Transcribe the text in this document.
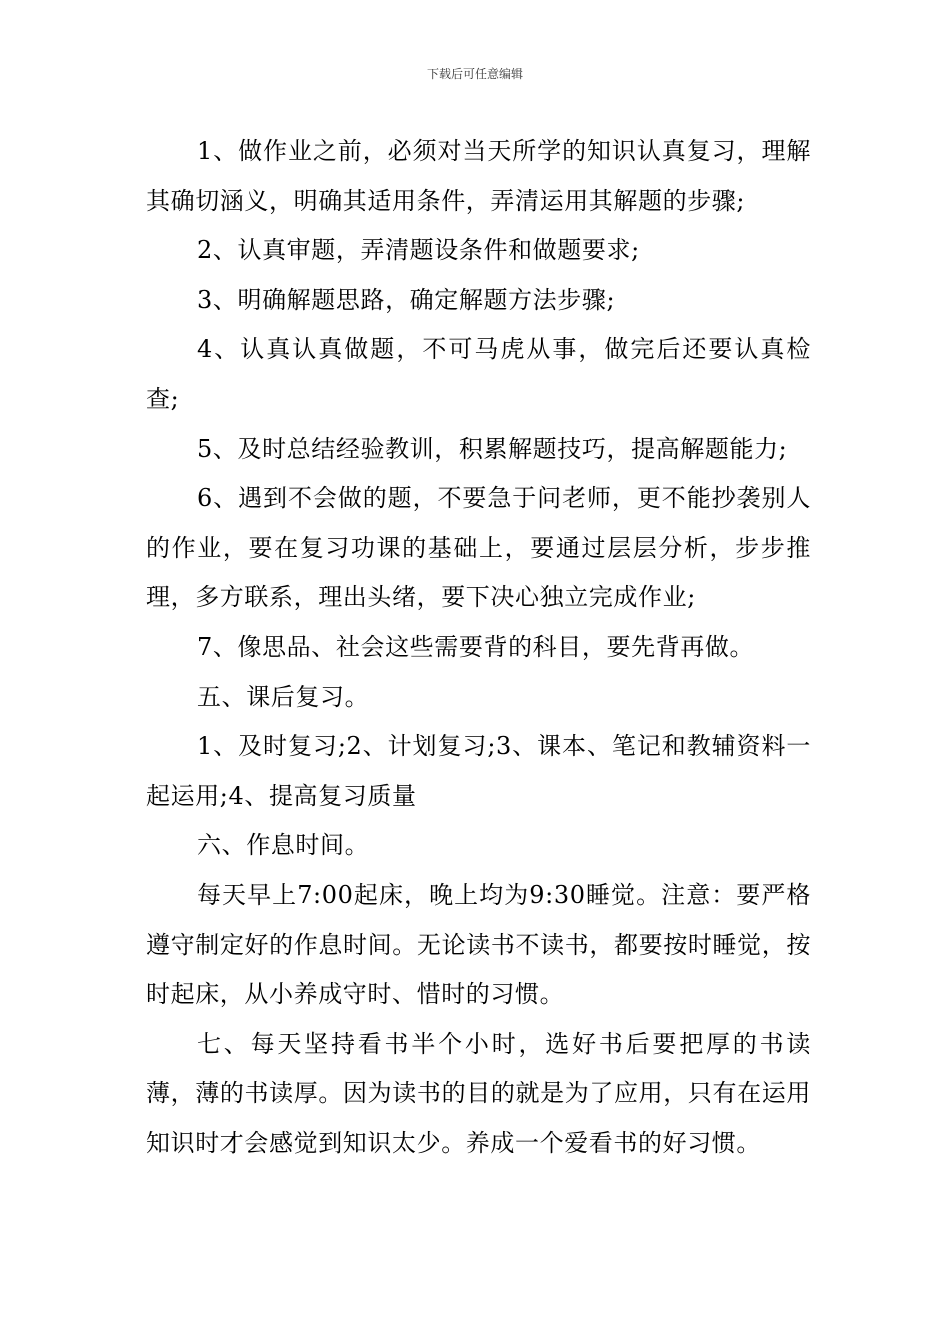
下载后可任意编辑

1、做作业之前，必须对当天所学的知识认真复习，理解其确切涵义，明确其适用条件，弄清运用其解题的步骤;

2、认真审题，弄清题设条件和做题要求;

3、明确解题思路，确定解题方法步骤;

4、认真认真做题，不可马虎从事，做完后还要认真检查;

5、及时总结经验教训，积累解题技巧，提高解题能力;

6、遇到不会做的题，不要急于问老师，更不能抄袭别人的作业，要在复习功课的基础上，要通过层层分析，步步推理，多方联系，理出头绪，要下决心独立完成作业;

7、像思品、社会这些需要背的科目，要先背再做。

五、课后复习。

1、及时复习;2、计划复习;3、课本、笔记和教辅资料一起运用;4、提高复习质量

六、作息时间。

每天早上7:00起床，晚上均为9:30睡觉。注意：要严格遵守制定好的作息时间。无论读书不读书，都要按时睡觉，按时起床，从小养成守时、惜时的习惯。

七、每天坚持看书半个小时，选好书后要把厚的书读薄，薄的书读厚。因为读书的目的就是为了应用，只有在运用知识时才会感觉到知识太少。养成一个爱看书的好习惯。
